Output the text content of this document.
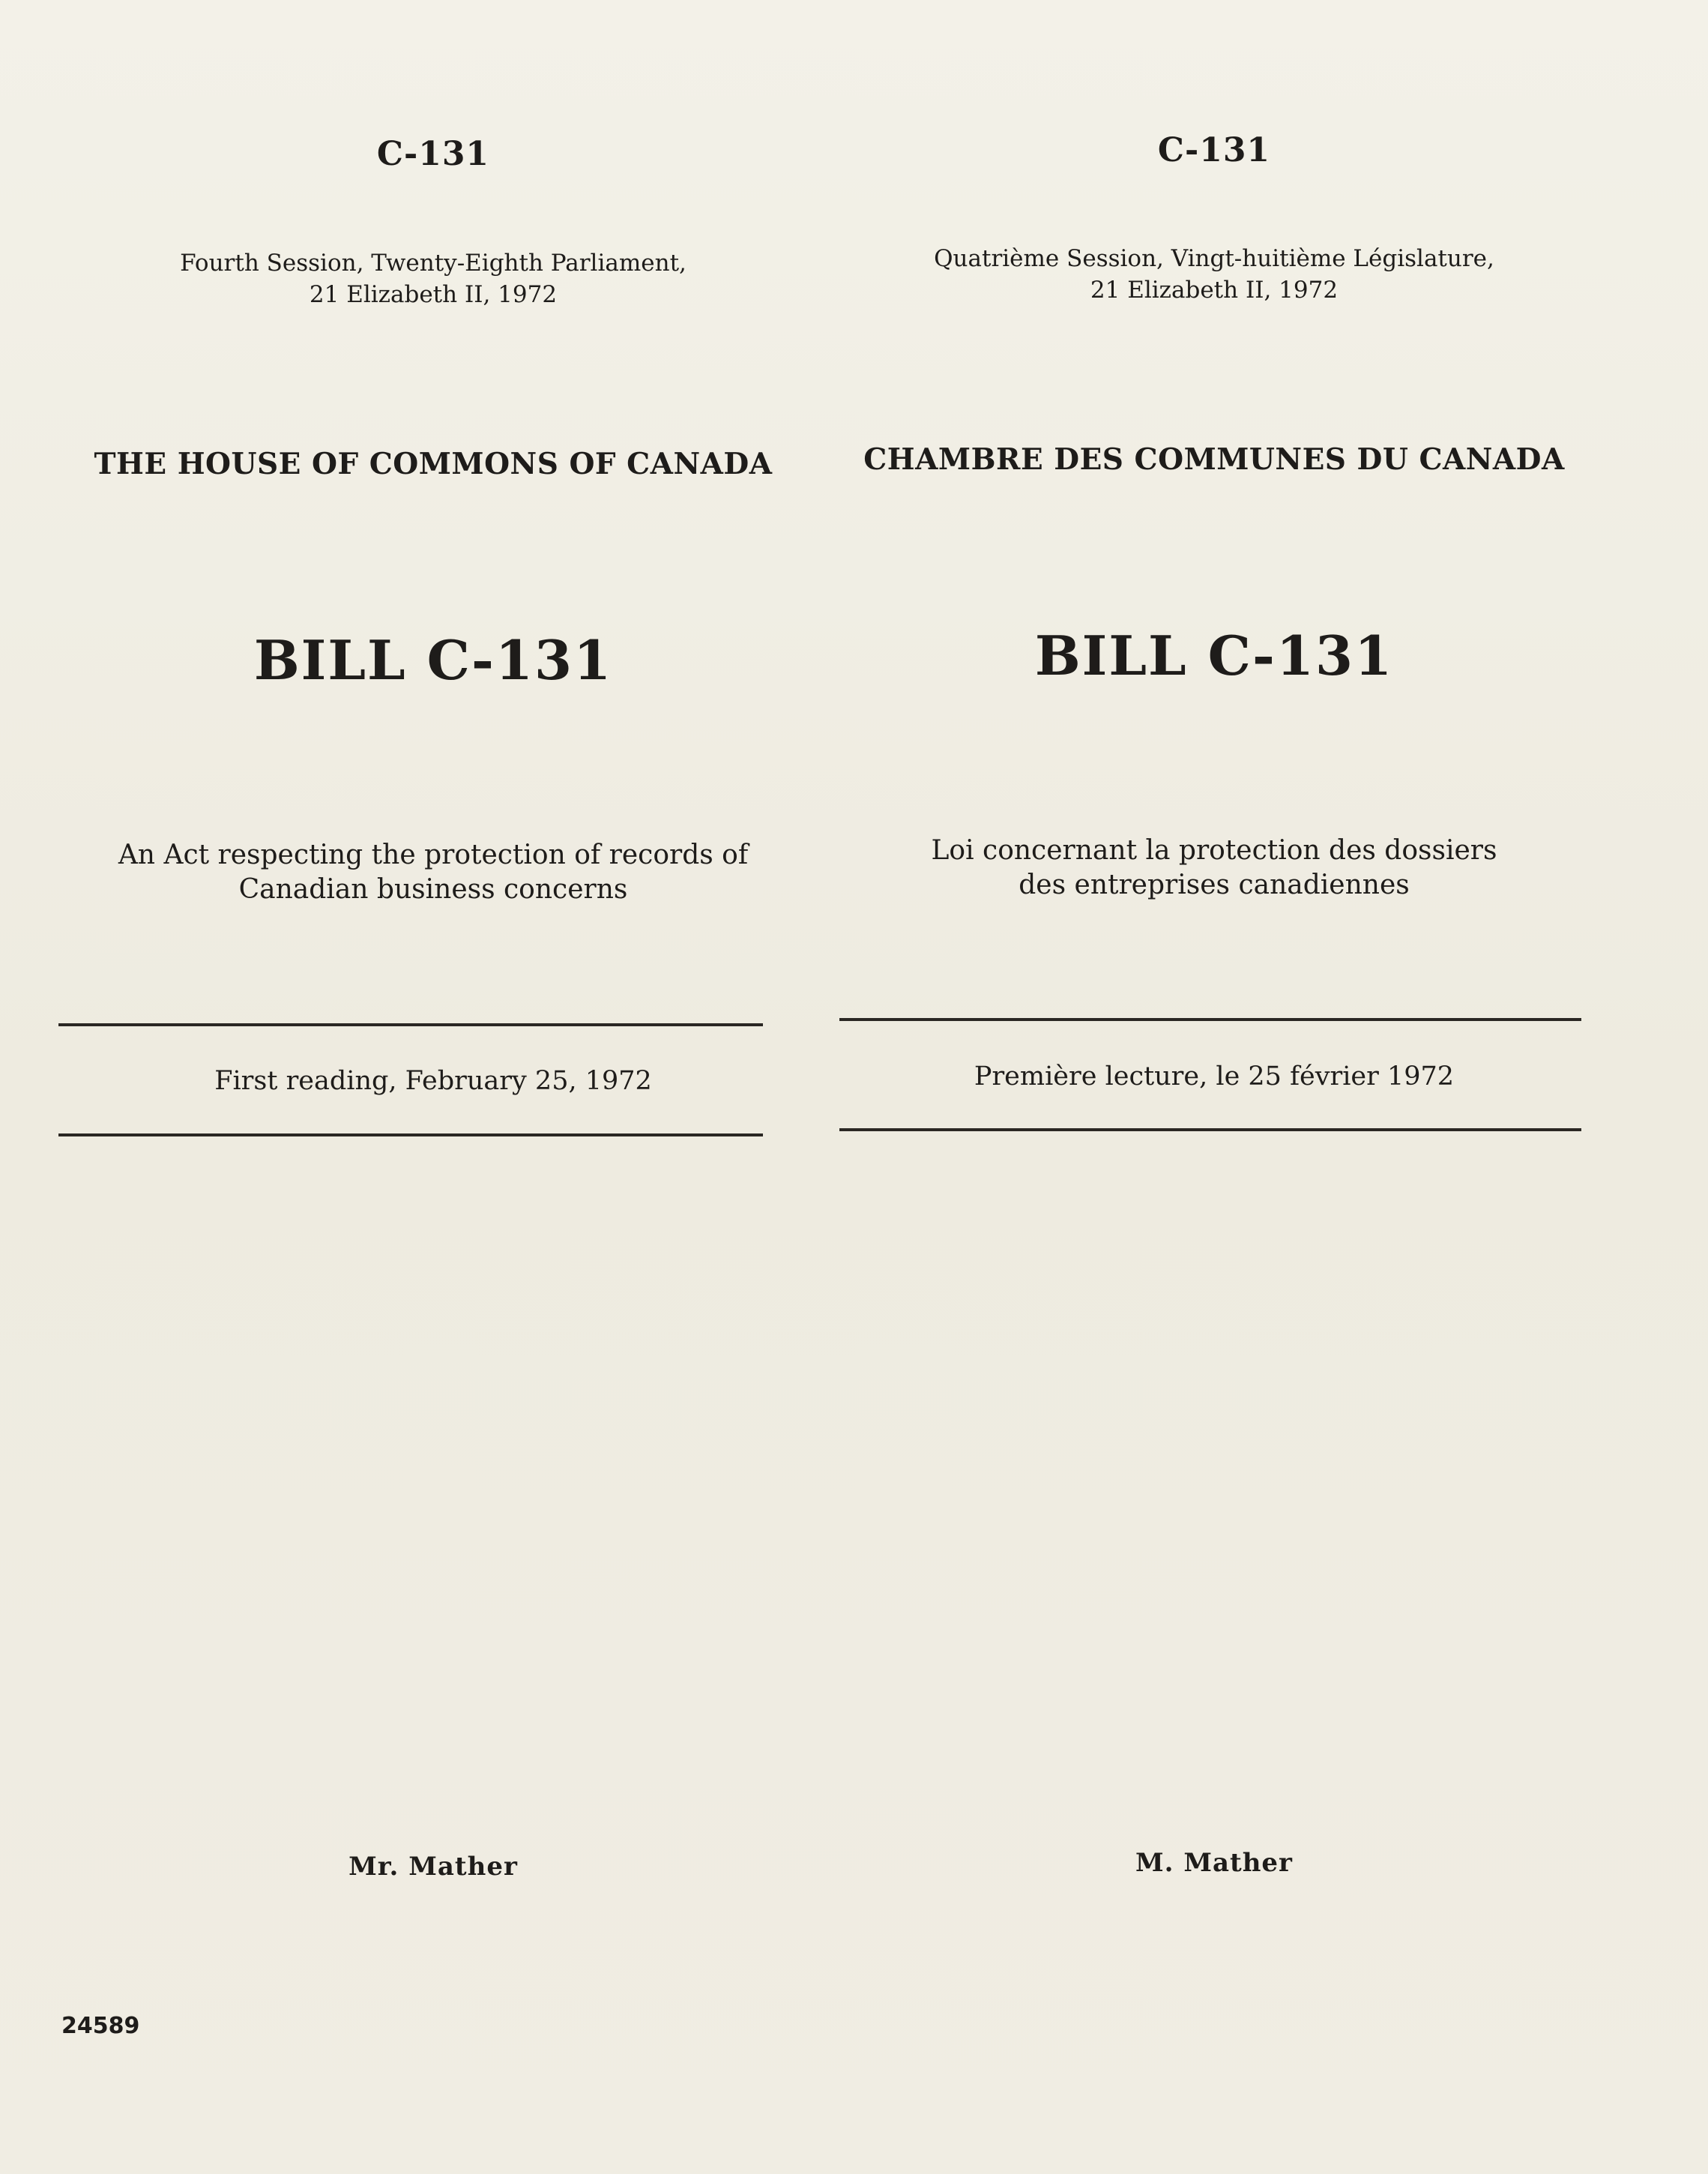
C-131
Fourth Session, Twenty-Eighth Parliament,
21 Elizabeth II, 1972
THE HOUSE OF COMMONS OF CANADA
BILL C-131
An Act respecting the protection of records of
Canadian business concerns
First reading, February 25, 1972
Mr. Mather
C-131
Quatrième Session, Vingt-huitième Législature,
21 Elizabeth II, 1972
CHAMBRE DES COMMUNES DU CANADA
BILL C-131
Loi concernant la protection des dossiers
des entreprises canadiennes
Première lecture, le 25 février 1972
M. Mather
24589
